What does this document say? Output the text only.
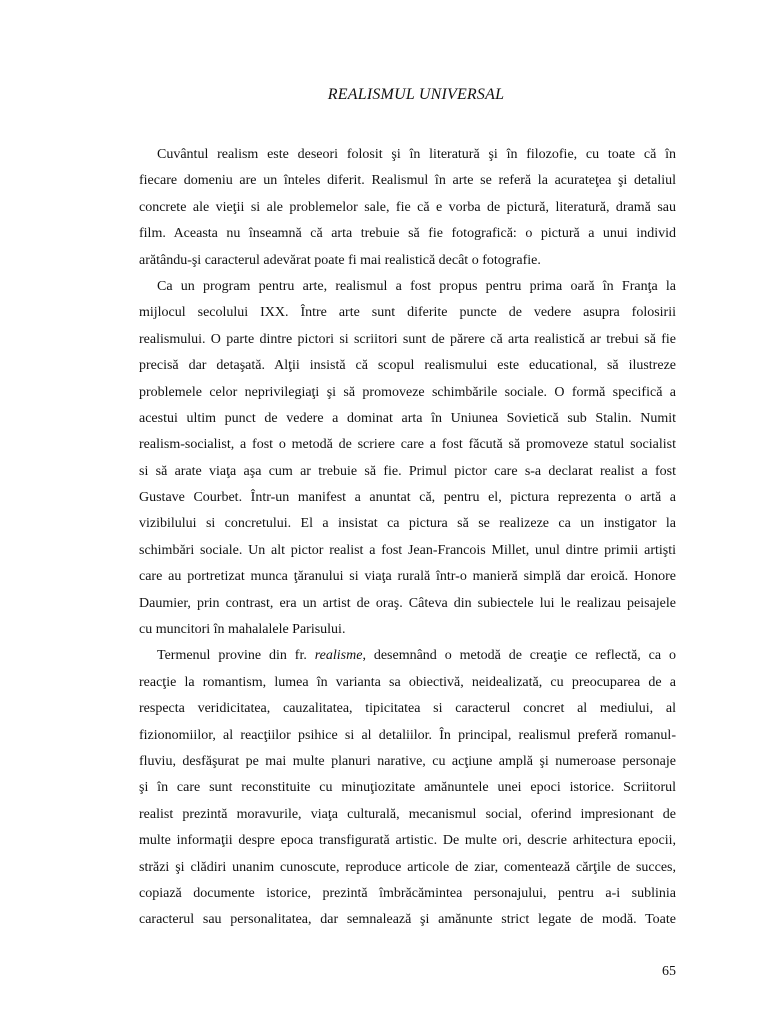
REALISMUL UNIVERSAL
Cuvântul realism este deseori folosit şi în literatură şi în filozofie, cu toate că în
fiecare domeniu are un înteles diferit. Realismul în arte se referă la acurateţea şi detaliul
concrete ale vieţii si ale problemelor sale, fie că e vorba de pictură, literatură, dramă sau
film. Aceasta nu înseamnă că arta trebuie să fie fotografică: o pictură a unui individ
arătându-şi caracterul adevărat poate fi mai realistică decât o fotografie.
Ca un program pentru arte, realismul a fost propus pentru prima oară în Franţa la
mijlocul secolului IXX. Între arte sunt diferite puncte de vedere asupra folosirii
realismului. O parte dintre pictori si scriitori sunt de părere că arta realistică ar trebui să fie
precisă dar detaşată. Alţii insistă că scopul realismului este educational, să ilustreze
problemele celor neprivilegiaţi şi să promoveze schimbările sociale. O formă specifică a
acestui ultim punct de vedere a dominat arta în Uniunea Sovietică sub Stalin. Numit
realism-socialist, a fost o metodă de scriere care a fost făcută să promoveze statul socialist
si să arate viaţa aşa cum ar trebuie să fie. Primul pictor care s-a declarat realist a fost
Gustave Courbet. Într-un manifest a anuntat că, pentru el, pictura reprezenta o artă a
vizibilului si concretului. El a insistat ca pictura să se realizeze ca un instigator la
schimbări sociale. Un alt pictor realist a fost Jean-Francois Millet, unul dintre primii artişti
care au portretizat munca ţăranului si viaţa rurală într-o manieră simplă dar eroică. Honore
Daumier, prin contrast, era un artist de oraş. Câteva din subiectele lui le realizau peisajele
cu muncitori în mahalalele Parisului.
Termenul provine din fr. realisme, desemnând o metodă de creaţie ce reflectă, ca o
reacţie la romantism, lumea în varianta sa obiectivă, neidealizată, cu preocuparea de a
respecta veridicitatea, cauzalitatea, tipicitatea si caracterul concret al mediului, al
fizionomiilor, al reacţiilor psihice si al detaliilor. În principal, realismul preferă romanul-
fluviu, desfăşurat pe mai multe planuri narative, cu acţiune amplă şi numeroase personaje
şi în care sunt reconstituite cu minuţiozitate amănuntele unei epoci istorice. Scriitorul
realist prezintă moravurile, viaţa culturală, mecanismul social, oferind impresionant de
multe informaţii despre epoca transfigurată artistic. De multe ori, descrie arhitectura epocii,
străzi şi clădiri unanim cunoscute, reproduce articole de ziar, comentează cărţile de succes,
copiază documente istorice, prezintă îmbrăcămintea personajului, pentru a-i sublinia
caracterul sau personalitatea, dar semnalează şi amănunte strict legate de modă. Toate
65
